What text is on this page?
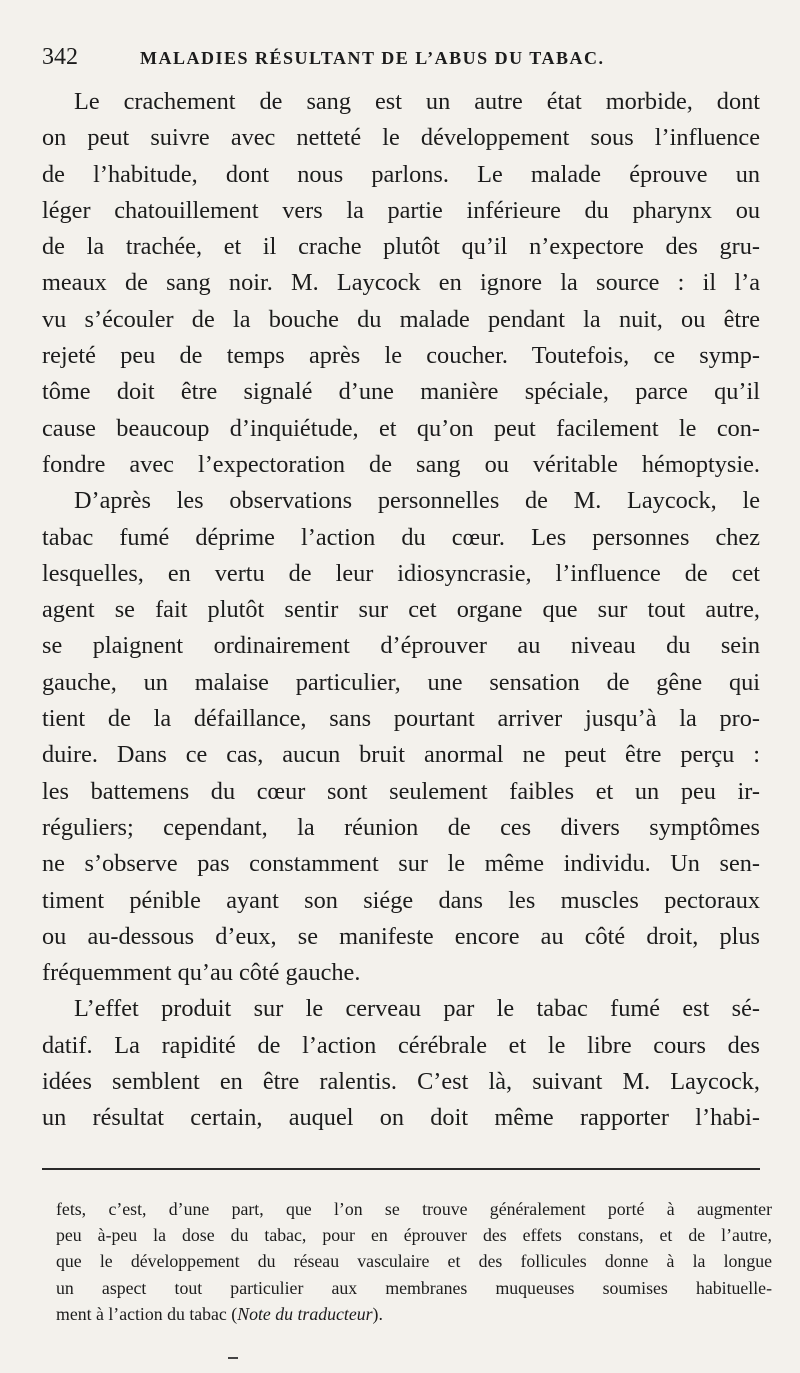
342	MALADIES RÉSULTANT DE L’ABUS DU TABAC.
Le crachement de sang est un autre état morbide, dont
on peut suivre avec netteté le développement sous l’influence
de l’habitude, dont nous parlons. Le malade éprouve un
léger chatouillement vers la partie inférieure du pharynx ou
de la trachée, et il crache plutôt qu’il n’expectore des gru-
meaux de sang noir. M. Laycock en ignore la source : il l’a
vu s’écouler de la bouche du malade pendant la nuit, ou être
rejeté peu de temps après le coucher. Toutefois, ce symp-
tôme doit être signalé d’une manière spéciale, parce qu’il
cause beaucoup d’inquiétude, et qu’on peut facilement le con-
fondre avec l’expectoration de sang ou véritable hémoptysie.
D’après les observations personnelles de M. Laycock, le
tabac fumé déprime l’action du cœur. Les personnes chez
lesquelles, en vertu de leur idiosyncrasie, l’influence de cet
agent se fait plutôt sentir sur cet organe que sur tout autre,
se plaignent ordinairement d’éprouver au niveau du sein
gauche, un malaise particulier, une sensation de gêne qui
tient de la défaillance, sans pourtant arriver jusqu’à la pro-
duire. Dans ce cas, aucun bruit anormal ne peut être perçu :
les battemens du cœur sont seulement faibles et un peu ir-
réguliers; cependant, la réunion de ces divers symptômes
ne s’observe pas constamment sur le même individu. Un sen-
timent pénible ayant son siége dans les muscles pectoraux
ou au-dessous d’eux, se manifeste encore au côté droit, plus
fréquemment qu’au côté gauche.
L’effet produit sur le cerveau par le tabac fumé est sé-
datif. La rapidité de l’action cérébrale et le libre cours des
idées semblent en être ralentis. C’est là, suivant M. Laycock,
un résultat certain, auquel on doit même rapporter l’habi-
fets, c’est, d’une part, que l’on se trouve généralement porté à augmenter
peu à-peu la dose du tabac, pour en éprouver des effets constans, et de l’autre,
que le développement du réseau vasculaire et des follicules donne à la longue
un aspect tout particulier aux membranes muqueuses soumises habituelle-
ment à l’action du tabac (Note du traducteur).
